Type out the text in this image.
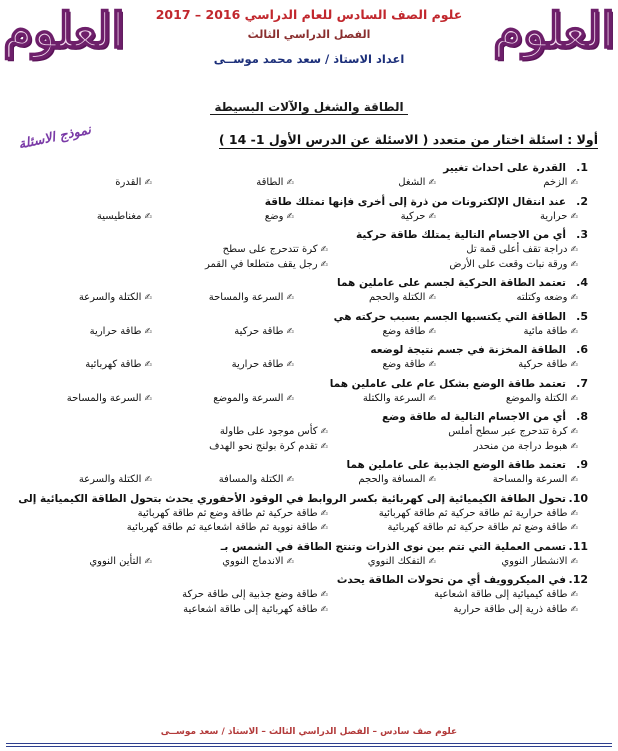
العلوم
العلوم	علوم الصف السادس للعام الدراسي 2016 – 2017
الفصل الدراسي الثالث
اعداد الاستاذ / سعد محمد موســى
الطاقة والشغل والآلات البسيطة
نموذج الاسئلة	أولا : اسئلة اختار من متعدد ( الاسئلة عن الدرس الأول 1- 14 )
1.
القدرة على احداث تغيير
✍الزخم
✍الشغل
✍الطاقة
✍القدرة
2.
عند انتقال الإلكترونات من ذرة إلى أخرى فإنها تمتلك طاقة
✍حرارية
✍حركية
✍وضع
✍مغناطيسية
3.
أي من الاجسام التالية يمتلك طاقة حركية
✍دراجة تقف أعلى قمة تل
✍كرة تتدحرج على سطح
✍ورقة نبات وقعت على الأرض
✍رجل يقف متطلعا في القمر
4.
تعتمد الطاقة الحركية لجسم على عاملين هما
✍وضعه وكتلته
✍الكتلة والحجم
✍السرعة والمساحة
✍الكتلة والسرعة
5.
الطاقة التي يكتسبها الجسم بسبب حركته هي
✍طاقة مائية
✍طاقة وضع
✍طاقة حركية
✍طاقة حرارية
6.
الطاقة المخزنة في جسم نتيجة لوضعه
✍طاقة حركية
✍طاقة وضع
✍طاقة حرارية
✍طاقة كهربائية
7.
تعتمد طاقة الوضع بشكل عام على عاملين هما
✍الكتلة والموضع
✍السرعة والكتلة
✍السرعة والموضع
✍السرعة والمساحة
8.
أي من الاجسام التالية له طاقة وضع
✍كرة تتدحرج عبر سطح أملس
✍كأس موجود على طاولة
✍هبوط دراجة من منحدر
✍تقدم كرة بولنج نحو الهدف
9.
تعتمد طاقة الوضع الجذبية على عاملين هما
✍السرعة والمساحة
✍المسافة والحجم
✍الكتلة والمسافة
✍الكتلة والسرعة
10.
تحول الطاقة الكيميائية إلى كهربائية بكسر الروابط في الوقود الأحفوري يحدث بتحول الطاقة الكيميائية إلى
✍طاقة حرارية ثم طاقة حركية ثم طاقة كهربائية
✍طاقة حركية ثم طاقة وضع ثم طاقة كهربائية
✍طاقة وضع ثم طاقة حركية ثم طاقة كهربائية
✍طاقة نووية ثم طاقة اشعاعية ثم طاقة كهربائية
11.
تسمى العملية التي تتم بين نوى الذرات وتنتج الطاقة في الشمس بـ
✍الانشطار النووي
✍التفكك النووي
✍الاندماج النووي
✍التأين النووي
12.
في الميكروويف أي من تحولات الطاقة يحدث
✍طاقة كيميائية إلى طاقة اشعاعية
✍طاقة وضع جذبية إلى طاقة حركة
✍طاقة ذرية إلى طاقة حرارية
✍طاقة كهربائية إلى طاقة اشعاعية
علوم صف سادس – الفصل الدراسي الثالث – الاستاذ / سعد موســى
